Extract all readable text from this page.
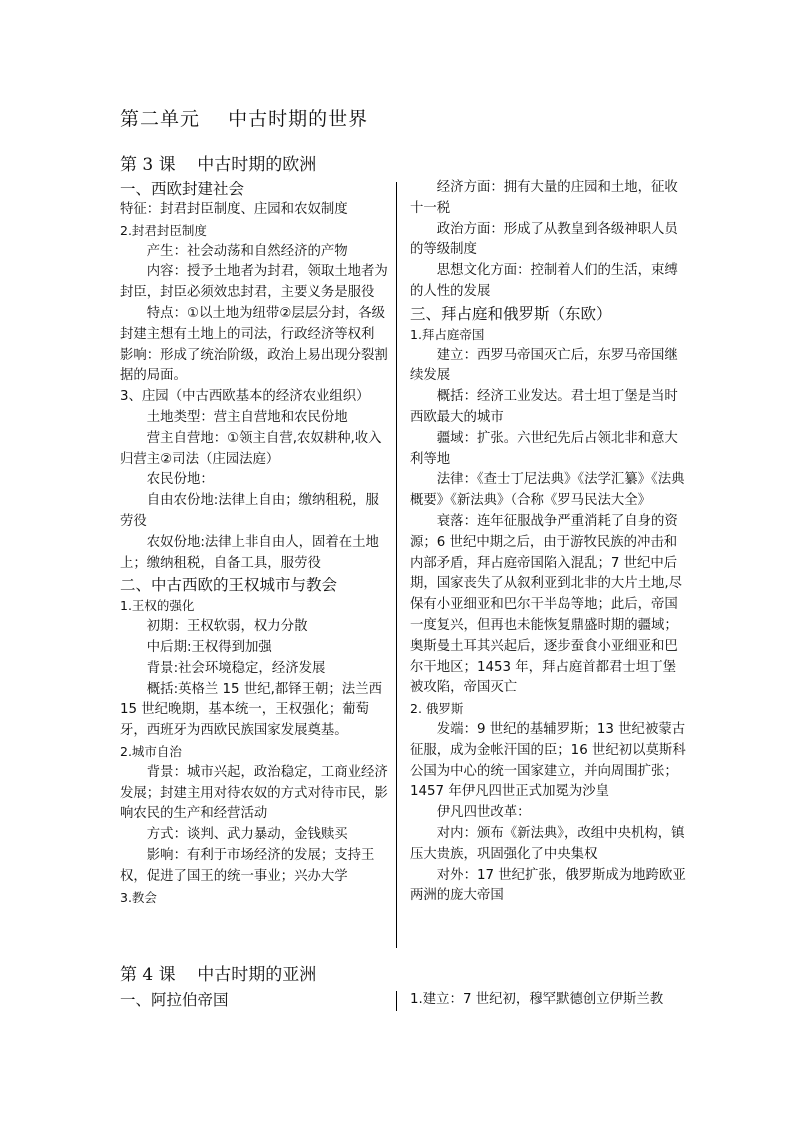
第二单元    中古时期的世界
第 3 课    中古时期的欧洲

一、西欧封建社会

特征：封君封臣制度、庄园和农奴制度

2.封君封臣制度

产生：社会动荡和自然经济的产物

内容：授予土地者为封君，领取土地者为封臣，封臣必须效忠封君，主要义务是服役

特点：①以土地为纽带②层层分封，各级封建主想有土地上的司法，行政经济等权利

影响：形成了统治阶级，政治上易出现分裂割据的局面。

3、庄园（中古西欧基本的经济农业组织）

土地类型：营主自营地和农民份地

营主自营地：①领主自营,农奴耕种,收入归营主②司法（庄园法庭）

农民份地：

自由农份地:法律上自由；缴纳租税，服劳役

农奴份地:法律上非自由人，固着在土地上；缴纳租税，自备工具，服劳役

二、中古西欧的王权城市与教会

1.王权的强化

初期：王权软弱，权力分散

中后期:王权得到加强

背景:社会环境稳定，经济发展

概括:英格兰 15 世纪,都铎王朝；法兰西 15 世纪晚期，基本统一，王权强化；葡萄牙，西班牙为西欧民族国家发展奠基。

2.城市自治

背景：城市兴起，政治稳定，工商业经济发展；封建主用对待农奴的方式对待市民，影响农民的生产和经营活动

方式：谈判、武力暴动，金钱赎买

影响：有利于市场经济的发展；支持王权，促进了国王的统一事业；兴办大学

3.教会

经济方面：拥有大量的庄园和土地，征收十一税

政治方面：形成了从教皇到各级神职人员的等级制度

思想文化方面：控制着人们的生活，束缚的人性的发展

三、拜占庭和俄罗斯（东欧）

1.拜占庭帝国

建立：西罗马帝国灭亡后，东罗马帝国继续发展

概括：经济工业发达。君士坦丁堡是当时西欧最大的城市

疆域：扩张。六世纪先后占领北非和意大利等地

法律：《查士丁尼法典》《法学汇纂》《法典概要》《新法典》（合称《罗马民法大全》

衰落：连年征服战争严重消耗了自身的资源；6 世纪中期之后，由于游牧民族的冲击和内部矛盾，拜占庭帝国陷入混乱；7 世纪中后期，国家丧失了从叙利亚到北非的大片土地,尽保有小亚细亚和巴尔干半岛等地；此后，帝国一度复兴，但再也未能恢复鼎盛时期的疆域；奥斯曼土耳其兴起后，逐步蚕食小亚细亚和巴尔干地区；1453 年，拜占庭首都君士坦丁堡被攻陷，帝国灭亡

2. 俄罗斯

发端：9 世纪的基辅罗斯；13 世纪被蒙古征服，成为金帐汗国的臣；16 世纪初以莫斯科公国为中心的统一国家建立，并向周围扩张；1457 年伊凡四世正式加冕为沙皇

伊凡四世改革：

对内：颁布《新法典》，改组中央机构，镇压大贵族，巩固强化了中央集权

对外：17 世纪扩张，俄罗斯成为地跨欧亚两洲的庞大帝国

第 4 课    中古时期的亚洲

一、阿拉伯帝国	1.建立：7 世纪初，穆罕默德创立伊斯兰教
